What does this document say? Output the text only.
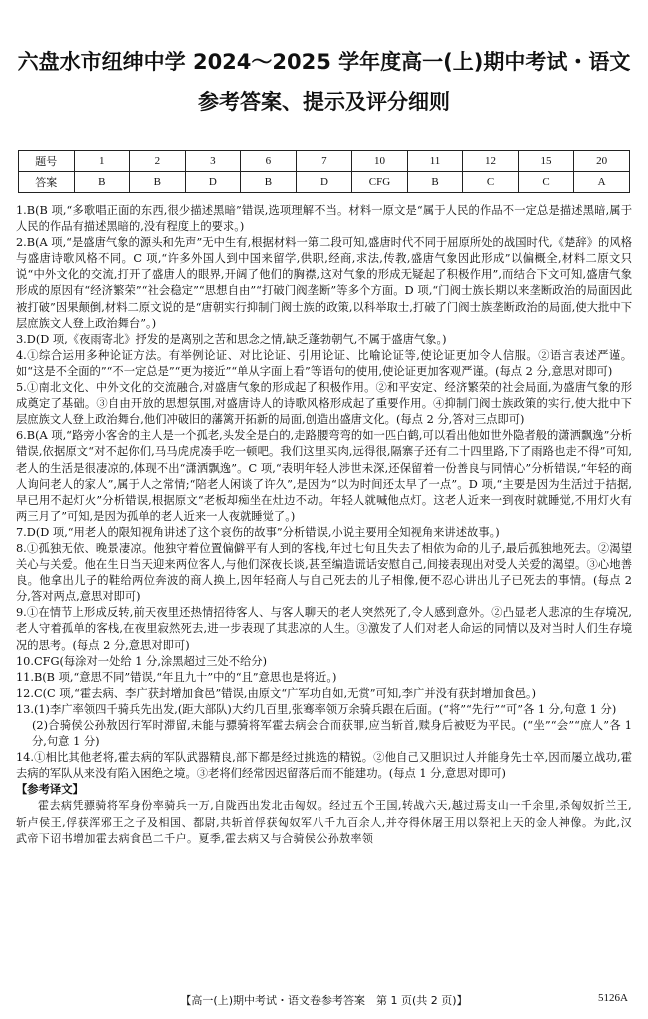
六盘水市纽绅中学 2024～2025 学年度高一(上)期中考试・语文
参考答案、提示及评分细则
题号	1	2	3	6	7	10	11	12	15	20
答案	B	B	D	B	D	CFG	B	C	C	A

1.B(B 项,“多歌唱正面的东西,很少描述黑暗”错误,选项理解不当。材料一原文是“属于人民的作品不一定总是描述黑暗,属于人民的作品有描述黑暗的,没有程度上的要求。)

2.B(A 项,“是盛唐气象的源头和先声”无中生有,根据材料一第二段可知,盛唐时代不同于屈原所处的战国时代,《楚辞》的风格与盛唐诗歌风格不同。C 项,“许多外国人到中国来留学,供职,经商,求法,传教,盛唐气象因此形成”以偏概全,材料二原文只说“中外文化的交流,打开了盛唐人的眼界,开阔了他们的胸襟,这对气象的形成无疑起了积极作用”,而结合下文可知,盛唐气象形成的原因有“经济繁荣”“社会稳定”“思想自由”“打破门阀垄断”等多个方面。D 项,“门阀士族长期以来垄断政治的局面因此被打破”因果颠倒,材料二原文说的是“唐朝实行抑制门阀士族的政策,以科举取士,打破了门阀士族垄断政治的局面,使大批中下层庶族文人登上政治舞台”。)

3.D(D 项,《夜雨寄北》抒发的是离别之苦和思念之情,缺乏蓬勃朝气,不属于盛唐气象。)

4.①综合运用多种论证方法。有举例论证、对比论证、引用论证、比喻论证等,使论证更加令人信服。②语言表述严谨。如“这是不全面的”“不一定总是”“更为接近”“单从字面上看”等语句的使用,使论证更加客观严谨。(每点 2 分,意思对即可)

5.①南北文化、中外文化的交流融合,对盛唐气象的形成起了积极作用。②和平安定、经济繁荣的社会局面,为盛唐气象的形成奠定了基础。③自由开放的思想氛围,对盛唐诗人的诗歌风格形成起了重要作用。④抑制门阀士族政策的实行,使大批中下层庶族文人登上政治舞台,他们冲破旧的藩篱开拓新的局面,创造出盛唐文化。(每点 2 分,答对三点即可)

6.B(A 项,“路旁小客舍的主人是一个孤老,头发全是白的,走路腰弯弯的如一匹白鹤,可以看出他如世外隐者般的潇洒飘逸”分析错误,依据原文“对不起你们,马马虎虎凑手吃一顿吧。我们这里买肉,远得很,隔寨子还有二十四里路,下了雨路也走不得”可知,老人的生活是很凄凉的,体现不出“潇洒飘逸”。C 项,“表明年轻人涉世未深,还保留着一份善良与同情心”分析错误,“年轻的商人询问老人的家人”,属于人之常情;“陪老人闲谈了许久”,是因为“以为时间还太早了一点”。D 项,“主要是因为生活过于拮据,早已用不起灯火”分析错误,根据原文“老板却痴坐在灶边不动。年轻人就喊他点灯。这老人近来一到夜时就睡觉,不用灯火有两三月了”可知,是因为孤单的老人近来一人夜就睡觉了。)

7.D(D 项,“用老人的限知视角讲述了这个哀伤的故事”分析错误,小说主要用全知视角来讲述故事。)

8.①孤独无依、晚景凄凉。他独守着位置偏僻平有人到的客栈,年过七旬且失去了相依为命的儿子,最后孤独地死去。②渴望关心与关爱。他在生日当天迎来两位客人,与他们深夜长谈,甚至编造谎话安慰自己,间接表现出对受人关爱的渴望。③心地善良。他拿出儿子的鞋给两位奔波的商人换上,因年轻商人与自己死去的儿子相像,便不忍心讲出儿子已死去的事情。(每点 2 分,答对两点,意思对即可)

9.①在情节上形成反转,前天夜里还热情招待客人、与客人聊天的老人突然死了,令人感到意外。②凸显老人悲凉的生存境况,老人守着孤单的客栈,在夜里寂然死去,进一步表现了其悲凉的人生。③激发了人们对老人命运的同情以及对当时人们生存境况的思考。(每点 2 分,意思对即可)

10.CFG(每涂对一处给 1 分,涂黑超过三处不给分)

11.B(B 项,“意思不同”错误,“年且九十”中的“且”意思也是将近。)

12.C(C 项,“霍去病、李广获封增加食邑”错误,由原文“广军功自如,无赏”可知,李广并没有获封增加食邑。)

13.(1)李广率领四千骑兵先出发,(距大部队)大约几百里,张骞率领万余骑兵跟在后面。(“将”“先行”“可”各 1 分,句意 1 分)

(2)合骑侯公孙敖因行军时滞留,未能与骠骑将军霍去病会合而获罪,应当斩首,赎身后被贬为平民。(“坐”“会”“庶人”各 1 分,句意 1 分)

14.①相比其他老将,霍去病的军队武器精良,部下都是经过挑选的精锐。②他自己又胆识过人并能身先士卒,因而屡立战功,霍去病的军队从来没有陷入困绝之境。③老将们经常因迟留落后而不能建功。(每点 1 分,意思对即可)

【参考译文】

霍去病凭骠骑将军身份率骑兵一万,自陇西出发北击匈奴。经过五个王国,转战六天,越过焉支山一千余里,杀匈奴折兰王,斩卢侯王,俘获浑邪王之子及相国、都尉,共斩首俘获匈奴军八千九百余人,并夺得休屠王用以祭祀上天的金人神像。为此,汉武帝下诏书增加霍去病食邑二千户。夏季,霍去病又与合骑侯公孙敖率领

【高一(上)期中考试・语文卷参考答案　第 1 页(共 2 页)】	5126A
